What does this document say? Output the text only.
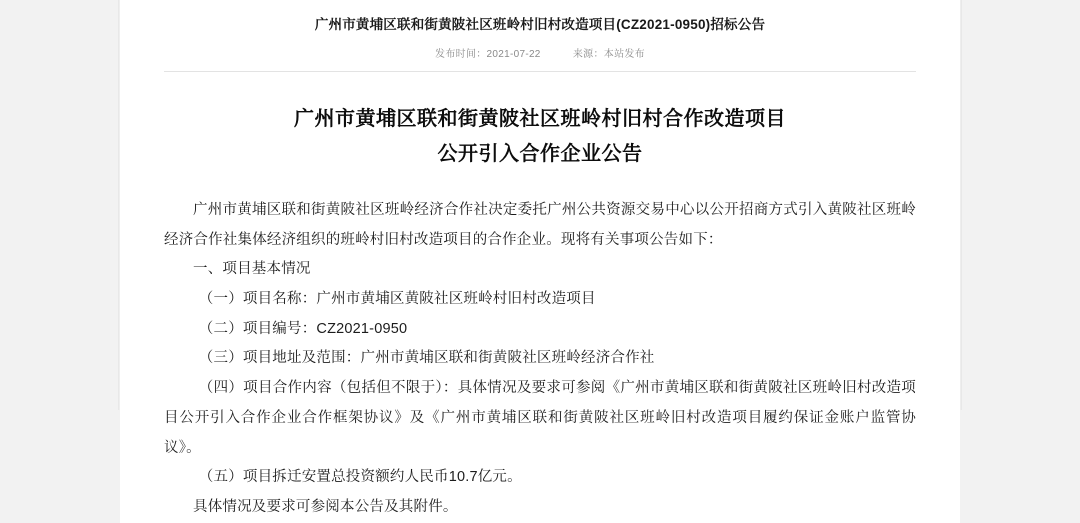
广州市黄埔区联和街黄陂社区班岭村旧村改造项目(CZ2021-0950)招标公告
发布时间：2021-07-22	来源：本站发布
广州市黄埔区联和街黄陂社区班岭村旧村合作改造项目
公开引入合作企业公告

广州市黄埔区联和街黄陂社区班岭经济合作社决定委托广州公共资源交易中心以公开招商方式引入黄陂社区班岭经济合作社集体经济组织的班岭村旧村改造项目的合作企业。现将有关事项公告如下：

一、项目基本情况

（一）项目名称：广州市黄埔区黄陂社区班岭村旧村改造项目

（二）项目编号：CZ2021-0950

（三）项目地址及范围：广州市黄埔区联和街黄陂社区班岭经济合作社

（四）项目合作内容（包括但不限于）：具体情况及要求可参阅《广州市黄埔区联和街黄陂社区班岭旧村改造项目公开引入合作企业合作框架协议》及《广州市黄埔区联和街黄陂社区班岭旧村改造项目履约保证金账户监管协议》。

（五）项目拆迁安置总投资额约人民币10.7亿元。

具体情况及要求可参阅本公告及其附件。
